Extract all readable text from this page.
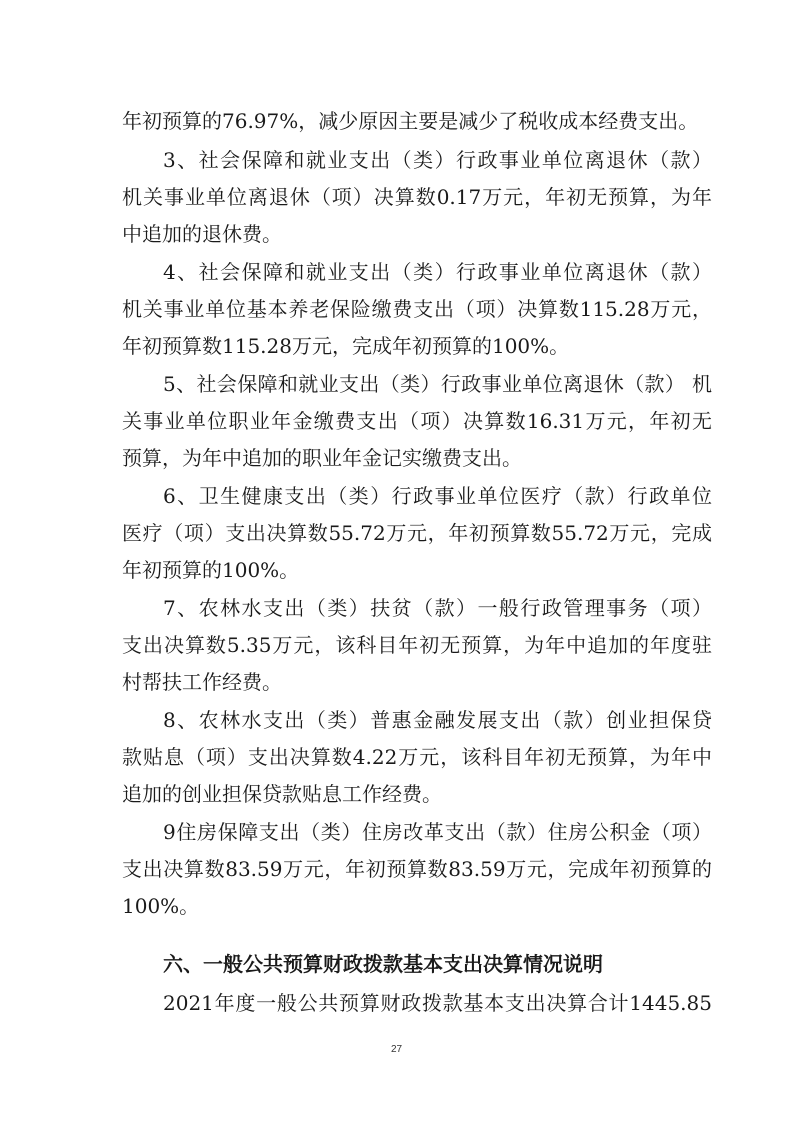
年初预算的76.97%，减少原因主要是减少了税收成本经费支出。
3、社会保障和就业支出（类）行政事业单位离退休（款）
机关事业单位离退休（项）决算数0.17万元，年初无预算，为年
中追加的退休费。
4、社会保障和就业支出（类）行政事业单位离退休（款）
机关事业单位基本养老保险缴费支出（项）决算数115.28万元，
年初预算数115.28万元，完成年初预算的100%。
5、社会保障和就业支出（类）行政事业单位离退休（款） 机
关事业单位职业年金缴费支出（项）决算数16.31万元，年初无
预算，为年中追加的职业年金记实缴费支出。
6、卫生健康支出（类）行政事业单位医疗（款）行政单位
医疗（项）支出决算数55.72万元，年初预算数55.72万元，完成
年初预算的100%。
7、农林水支出（类）扶贫（款）一般行政管理事务（项）
支出决算数5.35万元，该科目年初无预算，为年中追加的年度驻
村帮扶工作经费。
8、农林水支出（类）普惠金融发展支出（款）创业担保贷
款贴息（项）支出决算数4.22万元，该科目年初无预算，为年中
追加的创业担保贷款贴息工作经费。
9住房保障支出（类）住房改革支出（款）住房公积金（项）
支出决算数83.59万元，年初预算数83.59万元，完成年初预算的
100%。
六、一般公共预算财政拨款基本支出决算情况说明
2021年度一般公共预算财政拨款基本支出决算合计1445.85
27
